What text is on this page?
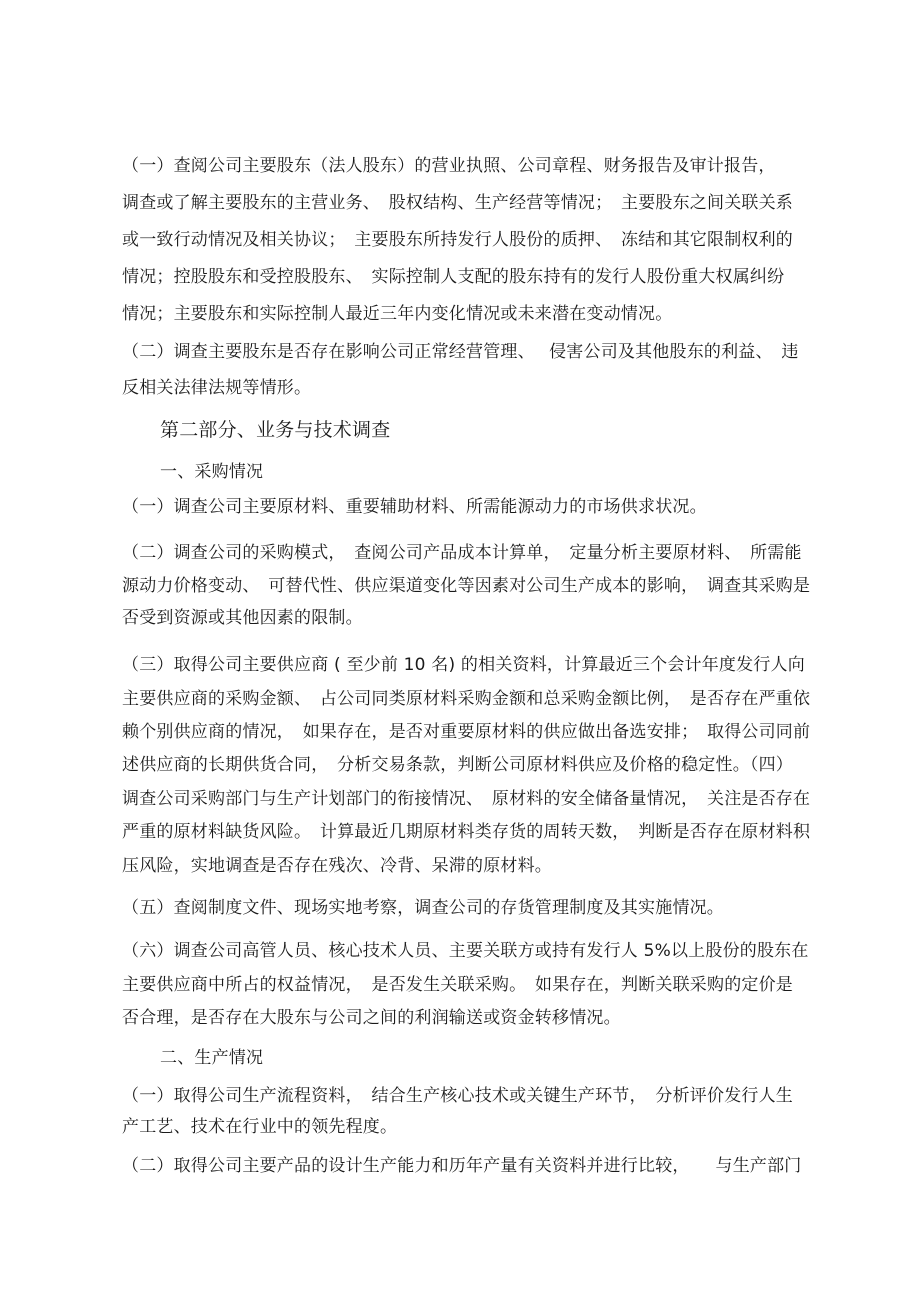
（一）查阅公司主要股东（法人股东）的营业执照、公司章程、财务报告及审计报告，
调查或了解主要股东的主营业务、　股权结构、生产经营等情况；　主要股东之间关联关系
或一致行动情况及相关协议；　主要股东所持发行人股份的质押、　冻结和其它限制权利的
情况；控股股东和受控股股东、　实际控制人支配的股东持有的发行人股份重大权属纠纷
情况；主要股东和实际控制人最近三年内变化情况或未来潜在变动情况。
（二）调查主要股东是否存在影响公司正常经营管理、　 侵害公司及其他股东的利益、　违
反相关法律法规等情形。
第二部分、业务与技术调查
一、采购情况
（一）调查公司主要原材料、重要辅助材料、所需能源动力的市场供求状况。
（二）调查公司的采购模式，　查阅公司产品成本计算单，　定量分析主要原材料、　所需能
源动力价格变动、　可替代性、供应渠道变化等因素对公司生产成本的影响，　调查其采购是
否受到资源或其他因素的限制。
（三）取得公司主要供应商 ( 至少前 10 名) 的相关资料，计算最近三个会计年度发行人向
主要供应商的采购金额、　占公司同类原材料采购金额和总采购金额比例，　是否存在严重依
赖个别供应商的情况，　如果存在，是否对重要原材料的供应做出备选安排；　取得公司同前
述供应商的长期供货合同，　分析交易条款，判断公司原材料供应及价格的稳定性。（四）
调查公司采购部门与生产计划部门的衔接情况、　原材料的安全储备量情况，　关注是否存在
严重的原材料缺货风险。　计算最近几期原材料类存货的周转天数，　判断是否存在原材料积
压风险，实地调查是否存在残次、冷背、呆滞的原材料。
（五）查阅制度文件、现场实地考察，调查公司的存货管理制度及其实施情况。
（六）调查公司高管人员、核心技术人员、主要关联方或持有发行人 5%以上股份的股东在
主要供应商中所占的权益情况，　是否发生关联采购。　如果存在，判断关联采购的定价是
否合理，是否存在大股东与公司之间的利润输送或资金转移情况。
二、生产情况
（一）取得公司生产流程资料，　结合生产核心技术或关键生产环节，　分析评价发行人生
产工艺、技术在行业中的领先程度。
（二）取得公司主要产品的设计生产能力和历年产量有关资料并进行比较，　　与生产部门
